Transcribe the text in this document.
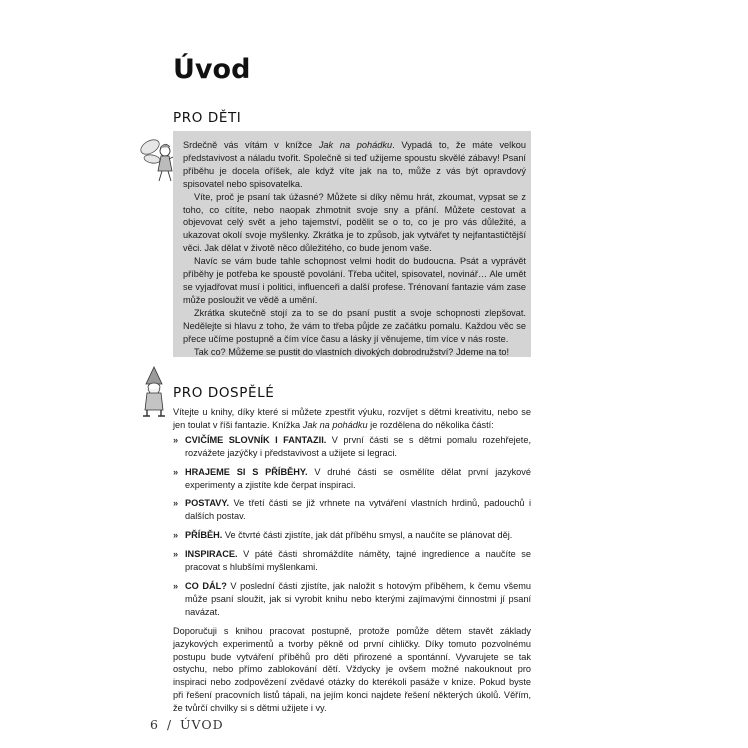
Úvod
PRO DĚTI

Srdečně vás vítám v knížce Jak na pohádku. Vypadá to, že máte velkou představivost a náladu tvořit. Společně si teď užijeme spoustu skvělé zábavy! Psaní příběhu je docela oříšek, ale když víte jak na to, může z vás být opravdový spisovatel nebo spisovatelka.

Víte, proč je psaní tak úžasné? Můžete si díky němu hrát, zkoumat, vypsat se z toho, co cítíte, nebo naopak zhmotnit svoje sny a přání. Můžete cestovat a objevovat celý svět a jeho tajemství, podělit se o to, co je pro vás důležité, a ukazovat okolí svoje myšlenky. Zkrátka je to způsob, jak vytvářet ty nejfantastičtější věci. Jak dělat v životě něco důležitého, co bude jenom vaše.

Navíc se vám bude tahle schopnost velmi hodit do budoucna. Psát a vyprávět příběhy je potřeba ke spoustě povolání. Třeba učitel, spisovatel, novinář… Ale umět se vyjadřovat musí i politici, influenceři a další profese. Trénovaní fantazie vám zase může posloužit ve vědě a umění.

Zkrátka skutečně stojí za to se do psaní pustit a svoje schopnosti zlepšovat. Nedělejte si hlavu z toho, že vám to třeba půjde ze začátku pomalu. Každou věc se přece učíme postupně a čím více času a lásky jí věnujeme, tím více v nás roste.

Tak co? Můžeme se pustit do vlastních divokých dobrodružství? Jdeme na to!

PRO DOSPĚLÉ

Vítejte u knihy, díky které si můžete zpestřit výuku, rozvíjet s dětmi kreativitu, nebo se jen toulat v říši fantazie. Knížka Jak na pohádku je rozdělena do několika částí:

» CVIČÍME SLOVNÍK I FANTAZII. V první části se s dětmi pomalu rozehřejete, rozvážete jazýčky i představivost a užijete si legraci.
» HRAJEME SI S PŘÍBĚHY. V druhé části se osmělíte dělat první jazykové experimenty a zjistíte kde čerpat inspiraci.
» POSTAVY. Ve třetí části se již vrhnete na vytváření vlastních hrdinů, padouchů i dalších postav.
» PŘÍBĚH. Ve čtvrté části zjistíte, jak dát příběhu smysl, a naučíte se plánovat děj.
» INSPIRACE. V páté části shromáždíte náměty, tajné ingredience a naučíte se pracovat s hlubšími myšlenkami.
» CO DÁL? V poslední části zjistíte, jak naložit s hotovým příběhem, k čemu všemu může psaní sloužit, jak si vyrobit knihu nebo kterými zajímavými činnostmi jí psaní navázat.

Doporučuji s knihou pracovat postupně, protože pomůže dětem stavět základy jazykových experimentů a tvorby pěkně od první cihličky. Díky tomuto pozvolnému postupu bude vytváření příběhů pro děti přirozené a spontánní. Vyvarujete se tak ostychu, nebo přímo zablokování dětí. Vždycky je ovšem možné nakouknout pro inspiraci nebo zodpovězení zvědavé otázky do kterékoli pasáže v knize. Pokud byste při řešení pracovních listů tápali, na jejím konci najdete řešení některých úkolů. Věřím, že tvůrčí chvilky si s dětmi užijete i vy.

6 / ÚVOD
